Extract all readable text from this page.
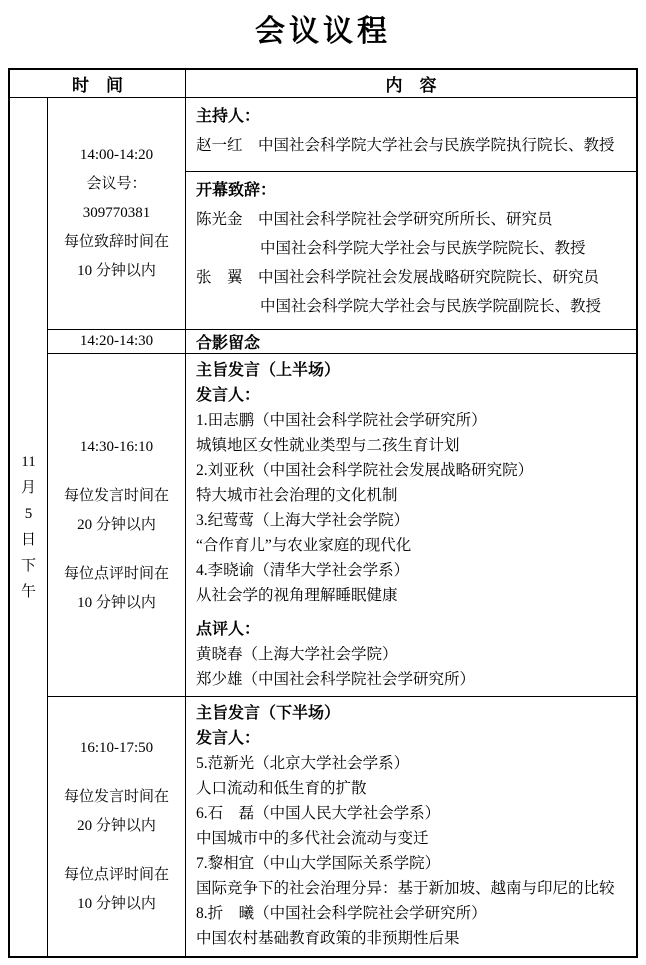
会议议程
时　间	内　容
11
月
5
日
下
午
14:00-14:20
会议号：
309770381
每位致辞时间在
10 分钟以内
主持人：
赵一红　中国社会科学院大学社会与民族学院执行院长、教授
开幕致辞：
陈光金　中国社会科学院社会学研究所所长、研究员
中国社会科学院大学社会与民族学院院长、教授
张　翼　中国社会科学院社会发展战略研究院院长、研究员
中国社会科学院大学社会与民族学院副院长、教授
14:20-14:30	合影留念
14:30-16:10
每位发言时间在
20 分钟以内
每位点评时间在
10 分钟以内
主旨发言（上半场）
发言人：
1.田志鹏（中国社会科学院社会学研究所）
城镇地区女性就业类型与二孩生育计划
2.刘亚秋（中国社会科学院社会发展战略研究院）
特大城市社会治理的文化机制
3.纪莺莺（上海大学社会学院）
“合作育儿”与农业家庭的现代化
4.李晓谕（清华大学社会学系）
从社会学的视角理解睡眠健康
点评人：
黄晓春（上海大学社会学院）
郑少雄（中国社会科学院社会学研究所）
16:10-17:50
每位发言时间在
20 分钟以内
每位点评时间在
10 分钟以内
主旨发言（下半场）
发言人：
5.范新光（北京大学社会学系）
人口流动和低生育的扩散
6.石　磊（中国人民大学社会学系）
中国城市中的多代社会流动与变迁
7.黎相宜（中山大学国际关系学院）
国际竞争下的社会治理分异：基于新加坡、越南与印尼的比较
8.折　曦（中国社会科学院社会学研究所）
中国农村基础教育政策的非预期性后果
